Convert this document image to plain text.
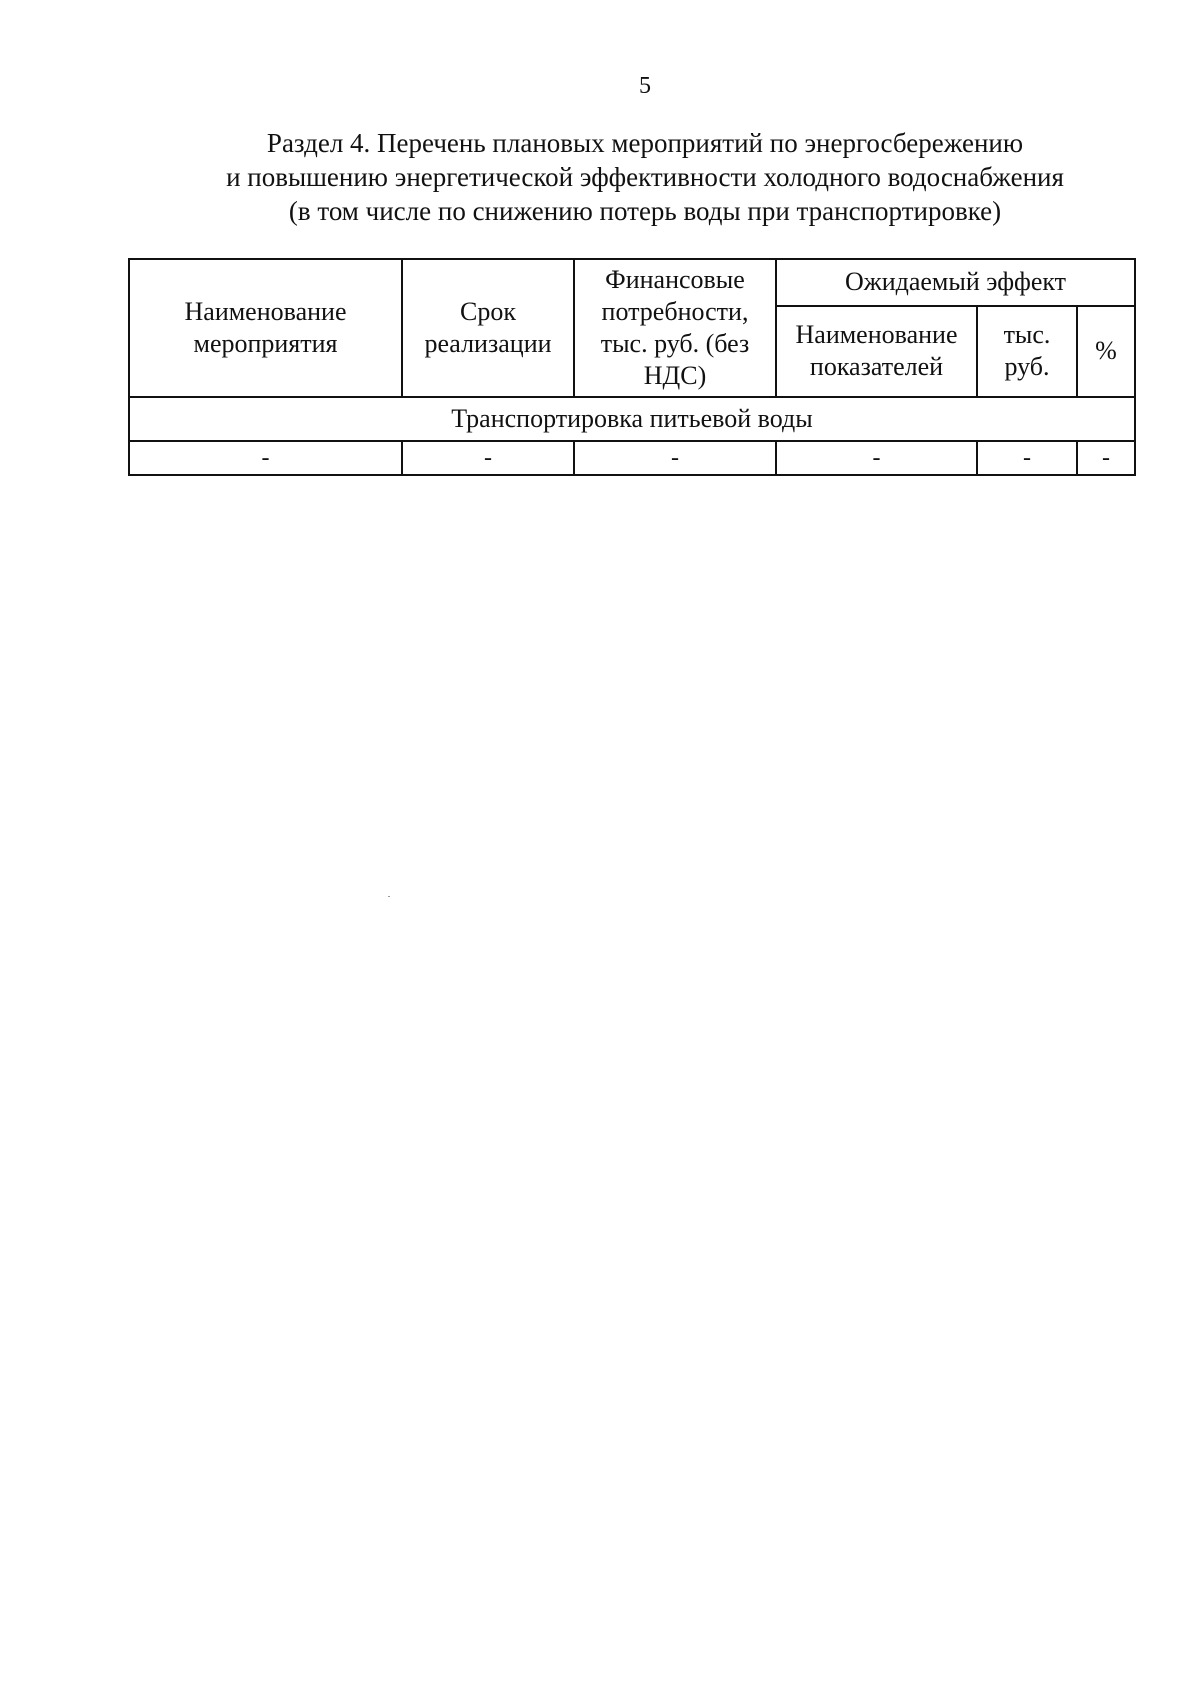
5
Раздел 4. Перечень плановых мероприятий по энергосбережению
и повышению энергетической эффективности холодного водоснабжения
(в том числе по снижению потерь воды при транспортировке)
Наименование мероприятия	Срок реализации	Финансовые потребности, тыс. руб. (без НДС)	Ожидаемый эффект		
			Наименование показателей	тыс. руб.	%
Транспортировка питьевой воды					
-	-	-	-	-	-
